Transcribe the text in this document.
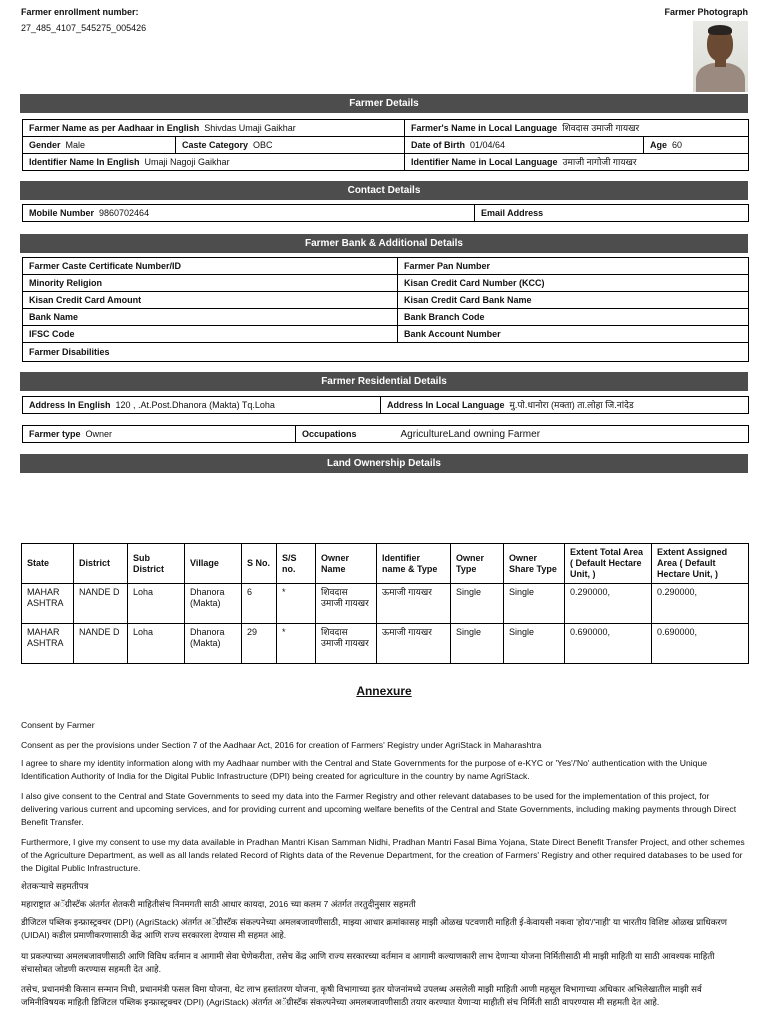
Farmer enrollment number:
27_485_4107_545275_005426
Farmer Photograph
Farmer Details
Farmer Name as per Aadhaar in English Shivdas Umaji Gaikhar		Farmer's Name in Local Language शिवदास उमाजी गायखर	
Gender Male	Caste Category OBC	Date of Birth 01/04/64	Age 60
Identifier Name In English Umaji Nagoji Gaikhar		Identifier Name in Local Language उमाजी नागोजी गायखर	
Contact Details
Mobile Number 9860702464	Email Address
Farmer Bank & Additional Details
Farmer Caste Certificate Number/ID	Farmer Pan Number
Minority Religion	Kisan Credit Card Number (KCC)
Kisan Credit Card Amount	Kisan Credit Card Bank Name
Bank Name	Bank Branch Code
IFSC Code	Bank Account Number
Farmer Disabilities	
Farmer Residential Details
Address In English 120 , .At.Post.Dhanora (Makta) Tq.Loha	Address In Local Language मु.पो.धानोरा (मक्ता) ता.लोहा जि.नांदेड
Farmer type Owner	Occupations	AgricultureLand owning Farmer
Land Ownership Details
State	District	Sub District	Village	S No.	S/S no.	Owner Name	Identifier name & Type	Owner Type	Owner Share Type	Extent Total Area ( Default Hectare Unit, )	Extent Assigned Area ( Default Hectare Unit, )
MAHAR ASHTRA	NANDE D	Loha	Dhanora (Makta)	6	*	शिवदास उमाजी गायखर	ऊमाजी गायखर	Single	Single	0.290000,	0.290000,
MAHAR ASHTRA	NANDE D	Loha	Dhanora (Makta)	29	*	शिवदास उमाजी गायखर	ऊमाजी गायखर	Single	Single	0.690000,	0.690000,
Annexure
Consent by Farmer
Consent as per the provisions under Section 7 of the Aadhaar Act, 2016 for creation of Farmers' Registry under AgriStack in Maharashtra
I agree to share my identity information along with my Aadhaar number with the Central and State Governments for the purpose of e-KYC or 'Yes'/'No' authentication with the Unique Identification Authority of India for the Digital Public Infrastructure (DPI) being created for agriculture in the country by name AgriStack.
I also give consent to the Central and State Governments to seed my data into the Farmer Registry and other relevant databases to be used for the implementation of this project, for delivering various current and upcoming services, and for providing current and upcoming welfare benefits of the Central and State Governments, including making payments through Direct Benefit Transfer.
Furthermore, I give my consent to use my data available in Pradhan Mantri Kisan Samman Nidhi, Pradhan Mantri Fasal Bima Yojana, State Direct Benefit Transfer Project, and other schemes of the Agriculture Department, as well as all lands related Record of Rights data of the Revenue Department, for the creation of Farmers' Registry and other required databases to be used for the Digital Public Infrastructure.
शेतकऱ्याचे सहमतीपत्र
महाराष्ट्रात अॅग्रीस्टॅक अंतर्गत शेतकरी माहितीसंच निनमगती साठी आधार कायदा, 2016 च्या कलम 7 अंतर्गत तरतुदीनुसार सहमती
डीजिटल पब्लिक इन्फ्रास्ट्रक्चर (DPI) (AgriStack) अंतर्गत अॅग्रीस्टॅक संकल्पनेच्या अमलबजावणीसाठी, माझ्या आधार क्रमांकासह माझी ओळख पटवणारी माहिती ई-केवायसी नकवा 'होय'/'नाही' या भारतीय विशिष्ट ओळख प्राधिकरण (UIDAI) कडील प्रमाणीकरणासाठी केंद्र आणि राज्य सरकारला देण्यास मी सहमत आहे.
या प्रकल्पाच्या अमलबजावणीसाठी आणि विविध वर्तमान व आगामी सेवा घेणेकरीता, तसेच केंद्र आणि राज्य सरकारच्या वर्तमान व आगामी कल्याणकारी लाभ देणाऱ्या योजना निर्मितीसाठी मी माझी माहिती या साठी आवश्यक माहिती संचासोबत जोडणी करण्यास सहमती देत आहे.
तसेच, प्रधानमंत्री किसान सन्मान निधी, प्रधानमंत्री फसल विमा योजना, थेट लाभ हस्तांतरण योजना, कृषी विभागाच्या इतर योजनांमध्ये उपलब्ध असलेली माझी माहिती आणी महसूल विभागाच्या अधिकार अभिलेखातील माझी सर्व जमिनीविषयक माहिती डिजिटल पब्लिक इन्फ्रास्ट्रक्चर (DPI) (AgriStack) अंतर्गत अॅग्रीस्टॅक संकल्पनेच्या अमलबजावणीसाठी तयार करण्यात येणाऱ्या माहीती संच निर्मिती साठी वापरण्यास मी सहमती देत आहे.
